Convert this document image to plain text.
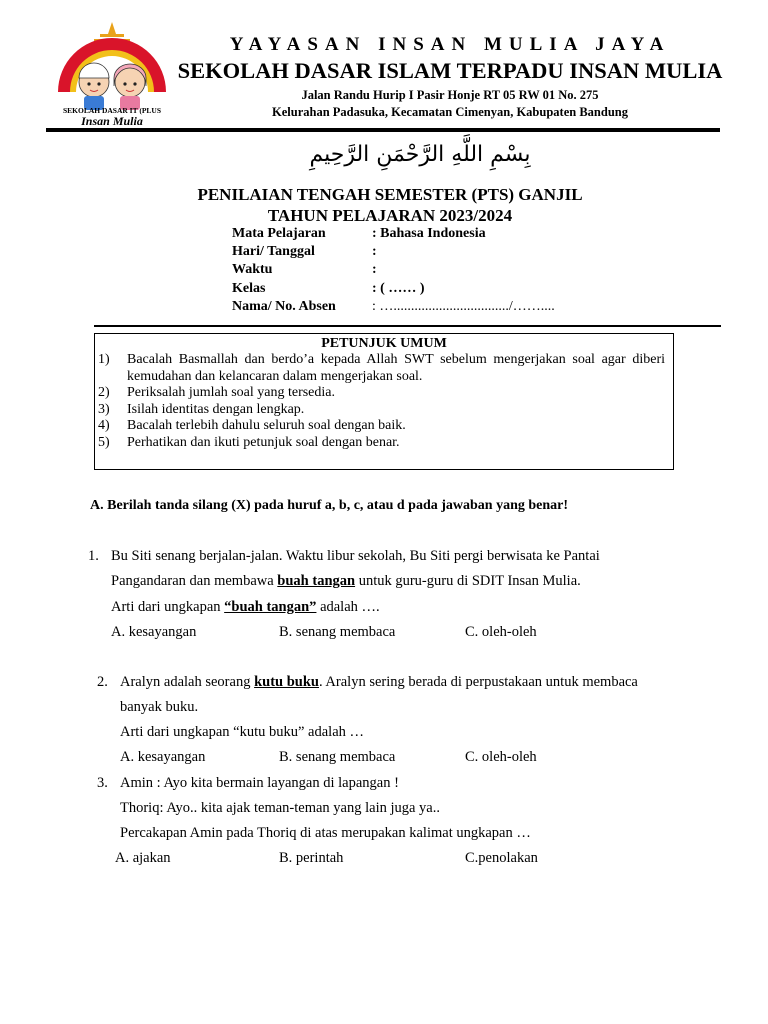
SEKOLAH DASAR IT (PLUS
Insan Mulia
YAYASAN INSAN MULIA JAYA
SEKOLAH DASAR ISLAM TERPADU INSAN MULIA
Jalan Randu Hurip I Pasir Honje RT 05 RW 01 No. 275
Kelurahan Padasuka, Kecamatan Cimenyan, Kabupaten Bandung
بِسْمِ اللَّهِ الرَّحْمَنِ الرَّحِيمِ
PENILAIAN TENGAH SEMESTER (PTS) GANJIL
TAHUN PELAJARAN 2023/2024
Mata Pelajaran	: Bahasa Indonesia
Hari/ Tanggal	:
Waktu	:
Kelas	: ( …… )
Nama/ No. Absen	: …................................./……....
PETUNJUK UMUM
1) Bacalah Basmallah dan berdo’a kepada Allah SWT sebelum mengerjakan soal agar diberi kemudahan dan kelancaran dalam mengerjakan soal.
2) Periksalah jumlah soal yang tersedia.
3) Isilah identitas dengan lengkap.
4) Bacalah terlebih dahulu seluruh soal dengan baik.
5) Perhatikan dan ikuti petunjuk soal dengan benar.
A. Berilah tanda silang (X) pada huruf a, b, c, atau d pada jawaban yang benar!
1. Bu Siti senang berjalan-jalan. Waktu libur sekolah, Bu Siti pergi berwisata ke Pantai
Pangandaran dan membawa buah tangan untuk guru-guru di SDIT Insan Mulia.
Arti dari ungkapan “buah tangan” adalah ….
A. kesayangan	B. senang membaca	C. oleh-oleh
2. Aralyn adalah seorang kutu buku. Aralyn sering berada di perpustakaan untuk membaca
banyak buku.
Arti dari ungkapan “kutu buku” adalah …
A. kesayangan	B. senang membaca	C. oleh-oleh
3. Amin : Ayo kita bermain layangan di lapangan !
Thoriq: Ayo.. kita ajak teman-teman yang lain juga ya..
Percakapan Amin pada Thoriq di atas merupakan kalimat ungkapan …
A. ajakan	B. perintah	C.penolakan
